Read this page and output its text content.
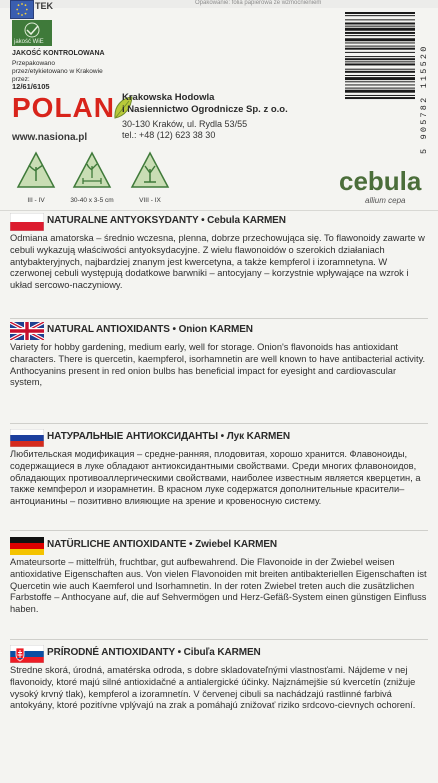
Opakowanie: folia papierowa ze wzmocnieniem
TEK
jakość WiE
JAKOŚĆ KONTROLOWANA
Przepakowano przez/etykietowano w Krakowie przez:
12/61/6105
POLAN
www.nasiona.pl
Krakowska Hodowla
i Nasiennictwo Ogrodnicze Sp. z o.o.
30-130 Kraków, ul. Rydla 53/55
tel.: +48 (12) 623 38 30	5 905782 115520
III - IV	30-40 x 3-5 cm	VIII - IX
cebula
allium cepa
NATURALNE ANTYOKSYDANTY • Cebula KARMEN
Odmiana amatorska – średnio wczesna, plenna, dobrze przechowująca się. To flawonoidy zawarte w cebuli wykazują właściwości antyoksydacyjne. Z wielu flawonoidów o szerokich działaniach antybakteryjnych, najbardziej znanym jest kwercetyna, a także kempferol i izoramnetyna. W czerwonej cebuli występują dodatkowe barwniki – antocyjany – korzystnie wpływające na wzrok i układ sercowo-naczyniowy.
NATURAL ANTIOXIDANTS • Onion KARMEN
Variety for hobby gardening, medium early, well for storage. Onion's flavonoids has antioxidant characters. There is quercetin, kaempferol, isorhamnetin are well known to have antibacterial activity. Anthocyanins present in red onion bulbs has beneficial impact for eyesight and cardiovascular system,
НАТУРАЛЬНЫЕ АНТИОКСИДАНТЫ • Лук KARMEN
Любительская модификация – средне-ранняя, плодовитая, хорошо хранится. Флавоноиды, содержащиеся в луке обладают антиоксидантными свойствами. Среди многих флавоноидов, обладающих противоаллергическими свойствами, наиболее известным является кверцетин, а также кемпферол и изорамнетин. В красном луке содержатся дополнительные красители– антоцианины – позитивно влияющие на зрение и кровеносную систему.
NATÜRLICHE ANTIOXIDANTE • Zwiebel KARMEN
Amateursorte – mittelfrüh, fruchtbar, gut aufbewahrend. Die Flavonoide in der Zwiebel weisen antioxidative Eigenschaften aus. Von vielen Flavonoiden mit breiten antibakteriellen Eigenschaften ist Quercetin wie auch Kaemferol und Isorhamnetin. In der roten Zwiebel treten auch die zusätzlichen Farbstoffe – Anthocyane auf, die auf Sehvermögen und Herz-Gefäß-System einen günstigen Einfluss haben.
PRÍRODNÉ ANTIOXIDANTY • Cibuľa KARMEN
Stredne skorá, úrodná, amatérska odroda, s dobre skladovateľnými vlastnosťami. Nájdeme v nej flavonoidy, ktoré majú silné antioxidačné a antialergické účinky. Najznámejšie sú kvercetín (znižuje vysoký krvný tlak), kempferol a izoramnetín. V červenej cibuli sa nachádzajú rastlinné farbivá antokyány, ktoré pozitívne vplývajú na zrak a pomáhajú znižovať riziko srdcovo-cievnych ochorení.
